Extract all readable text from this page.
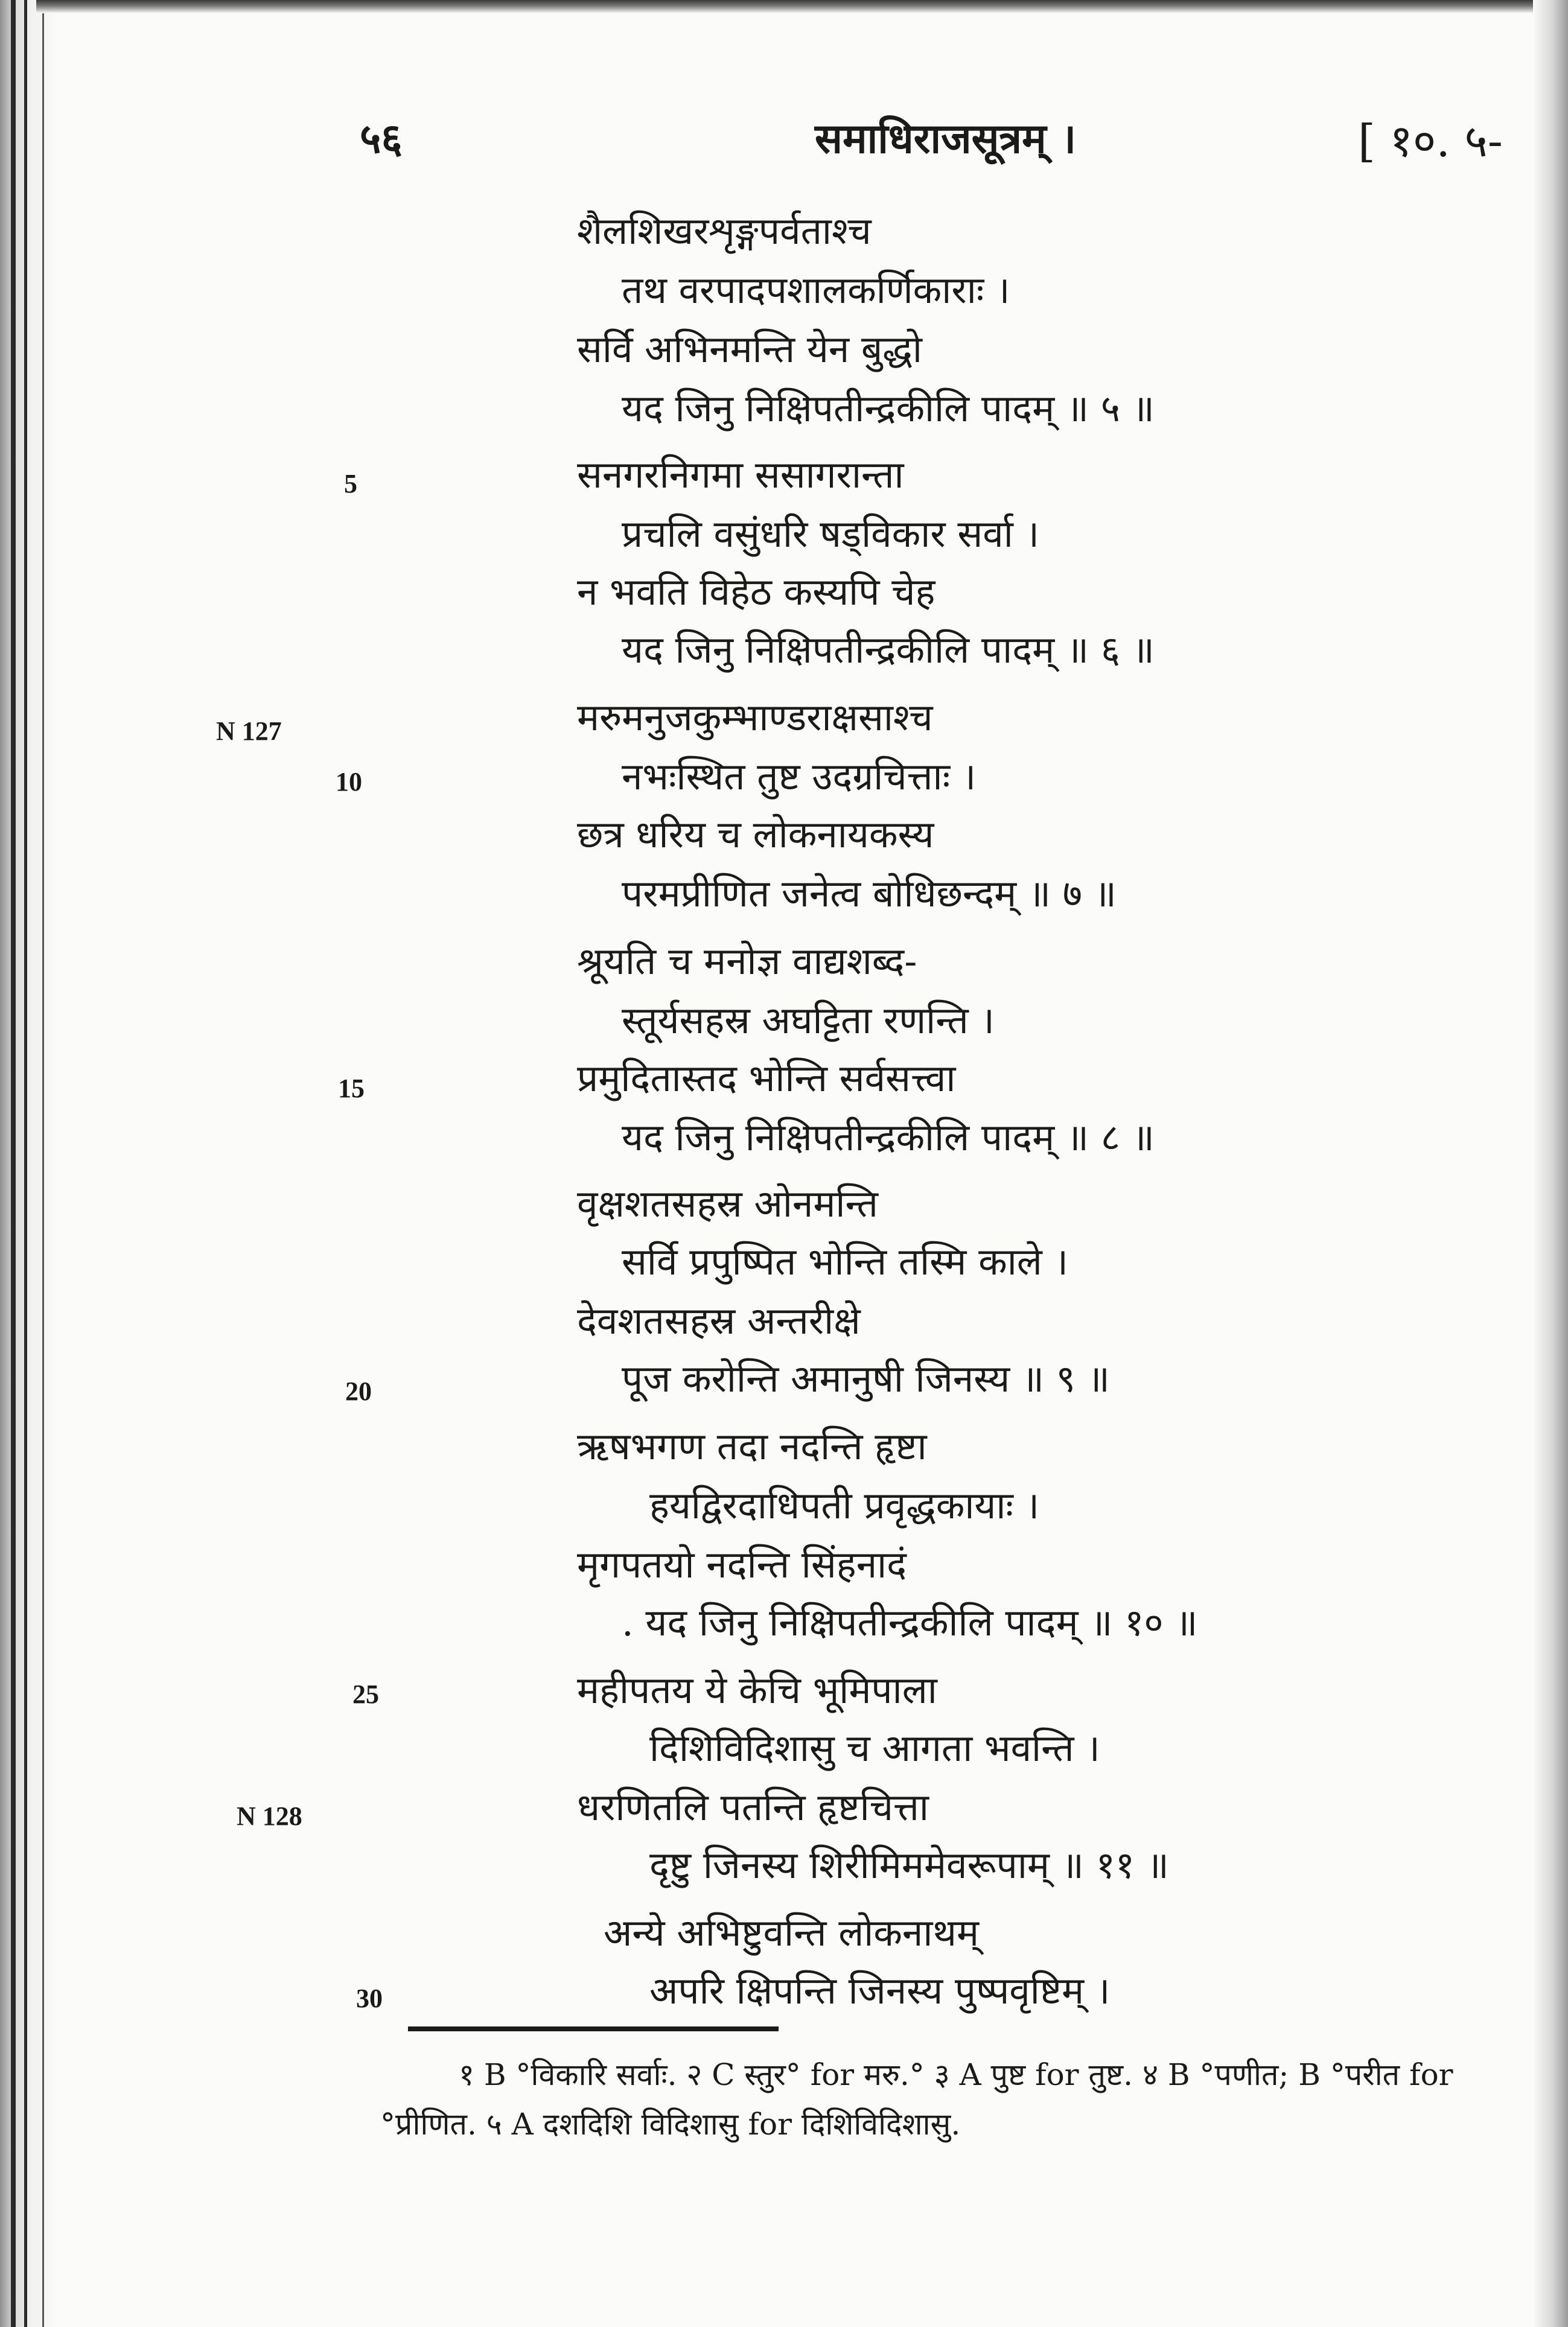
५६	समाधिराजसूत्रम् ।	[ १०. ५-
शैलशिखरशृङ्गपर्वताश्च
तथ वरपादपशालकर्णिकाराः ।
सर्वि अभिनमन्ति येन बुद्धो
यद जिनु निक्षिपतीन्द्रकीलि पादम् ॥ ५ ॥
सनगरनिगमा ससागरान्ता
प्रचलि वसुंधरि षड्विकार सर्वा ।
न भवति विहेठ कस्यपि चेह
यद जिनु निक्षिपतीन्द्रकीलि पादम् ॥ ६ ॥
मरुमनुजकुम्भाण्डराक्षसाश्च
नभःस्थित तुष्ट उदग्रचित्ताः ।
छत्र धरिय च लोकनायकस्य
परमप्रीणित जनेत्व बोधिछन्दम् ॥ ७ ॥
श्रूयति च मनोज्ञ वाद्यशब्द-
स्तूर्यसहस्र अघट्टिता रणन्ति ।
प्रमुदितास्तद भोन्ति सर्वसत्त्वा
यद जिनु निक्षिपतीन्द्रकीलि पादम् ॥ ८ ॥
वृक्षशतसहस्र ओनमन्ति
सर्वि प्रपुष्पित भोन्ति तस्मि काले ।
देवशतसहस्र अन्तरीक्षे
पूज करोन्ति अमानुषी जिनस्य ॥ ९ ॥
ऋषभगण तदा नदन्ति हृष्टा
हयद्विरदाधिपती प्रवृद्धकायाः ।
मृगपतयो नदन्ति सिंहनादं
. यद जिनु निक्षिपतीन्द्रकीलि पादम् ॥ १० ॥
महीपतय ये केचि भूमिपाला
दिशिविदिशासु च आगता भवन्ति ।
धरणितलि पतन्ति हृष्टचित्ता
दृष्टु जिनस्य शिरीमिममेवरूपाम् ॥ ११ ॥
अन्ये अभिष्टुवन्ति लोकनाथम्
अपरि क्षिपन्ति जिनस्य पुष्पवृष्टिम् ।
5
N 127
10
15
20
25
N 128
30
१ B °विकारि सर्वाः. २ C स्तुर° for मरु.° ३ A पुष्ट for तुष्ट. ४ B °पणीत; B °परीत for
°प्रीणित. ५ A दशदिशि विदिशासु for दिशिविदिशासु.
